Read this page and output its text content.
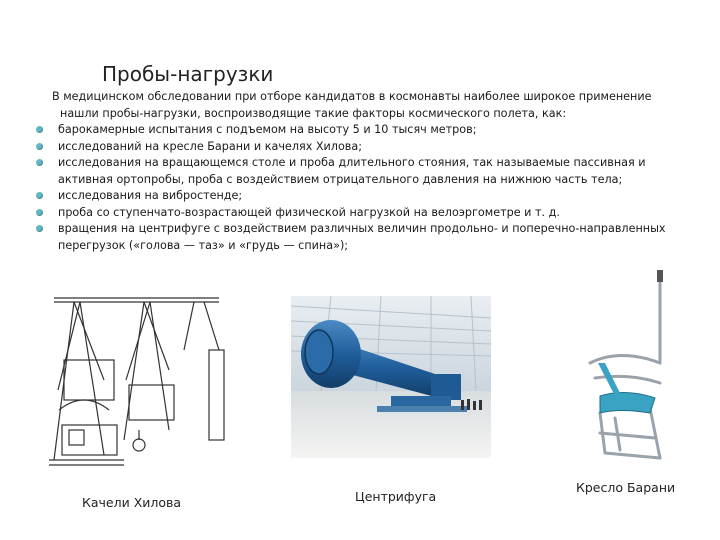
Пробы-нагрузки
В медицинском обследовании при отборе кандидатов в космонавты наиболее широкое применение
нашли пробы-нагрузки, воспроизводящие такие факторы космического полета, как:
барокамерные испытания с подъемом на высоту 5 и 10 тысяч метров;
исследований на кресле Барани и качелях Хилова;
исследования на вращающемся столе и проба длительного стояния, так называемые пассивная и
активная ортопробы, проба с воздействием отрицательного давления на нижнюю часть тела;
исследования на вибростенде;
проба со ступенчато-возрастающей физической нагрузкой на велоэргометре и т. д.
вращения на центрифуге с воздействием различных величин продольно- и поперечно-направленных
перегрузок («голова — таз» и «грудь — спина»);
Качели Хилова	Центрифуга
Кресло Барани
